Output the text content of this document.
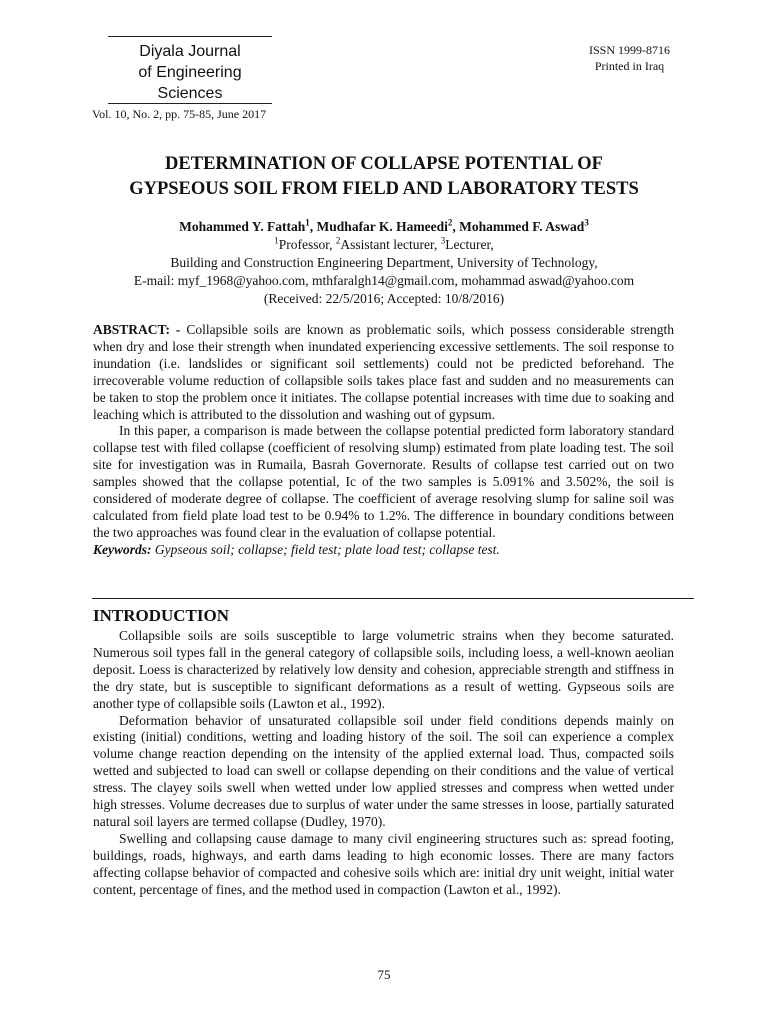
Diyala Journal
of Engineering
Sciences
ISSN 1999-8716
Printed in Iraq
Vol. 10, No. 2, pp. 75-85, June 2017
DETERMINATION OF COLLAPSE POTENTIAL OF
GYPSEOUS SOIL FROM FIELD AND LABORATORY TESTS
Mohammed Y. Fattah$^1$, Mudhafar K. Hameedi$^2$, Mohammed F. Aswad$^3$
$^1$Professor, $^2$Assistant lecturer, $^3$Lecturer,
Building and Construction Engineering Department, University of Technology,
E-mail: myf_1968@yahoo.com, mthfaralgh14@gmail.com, mohammad aswad@yahoo.com
(Received: 22/5/2016; Accepted: 10/8/2016)

ABSTRACT: - Collapsible soils are known as problematic soils, which possess considerable strength when dry and lose their strength when inundated experiencing excessive settlements. The soil response to inundation (i.e. landslides or significant soil settlements) could not be predicted beforehand. The irrecoverable volume reduction of collapsible soils takes place fast and sudden and no measurements can be taken to stop the problem once it initiates. The collapse potential increases with time due to soaking and leaching which is attributed to the dissolution and washing out of gypsum.

In this paper, a comparison is made between the collapse potential predicted form laboratory standard collapse test with filed collapse (coefficient of resolving slump) estimated from plate loading test. The soil site for investigation was in Rumaila, Basrah Governorate. Results of collapse test carried out on two samples showed that the collapse potential, Ic of the two samples is 5.091% and 3.502%, the soil is considered of moderate degree of collapse. The coefficient of average resolving slump for saline soil was calculated from field plate load test to be 0.94% to 1.2%. The difference in boundary conditions between the two approaches was found clear in the evaluation of collapse potential.

Keywords: Gypseous soil; collapse; field test; plate load test; collapse test.

INTRODUCTION

Collapsible soils are soils susceptible to large volumetric strains when they become saturated. Numerous soil types fall in the general category of collapsible soils, including loess, a well-known aeolian deposit. Loess is characterized by relatively low density and cohesion, appreciable strength and stiffness in the dry state, but is susceptible to significant deformations as a result of wetting. Gypseous soils are another type of collapsible soils (Lawton et al., 1992).

Deformation behavior of unsaturated collapsible soil under field conditions depends mainly on existing (initial) conditions, wetting and loading history of the soil. The soil can experience a complex volume change reaction depending on the intensity of the applied external load. Thus, compacted soils wetted and subjected to load can swell or collapse depending on their conditions and the value of vertical stress. The clayey soils swell when wetted under low applied stresses and compress when wetted under high stresses. Volume decreases due to surplus of water under the same stresses in loose, partially saturated natural soil layers are termed collapse (Dudley, 1970).

Swelling and collapsing cause damage to many civil engineering structures such as: spread footing, buildings, roads, highways, and earth dams leading to high economic losses. There are many factors affecting collapse behavior of compacted and cohesive soils which are: initial dry unit weight, initial water content, percentage of fines, and the method used in compaction (Lawton et al., 1992).

75
